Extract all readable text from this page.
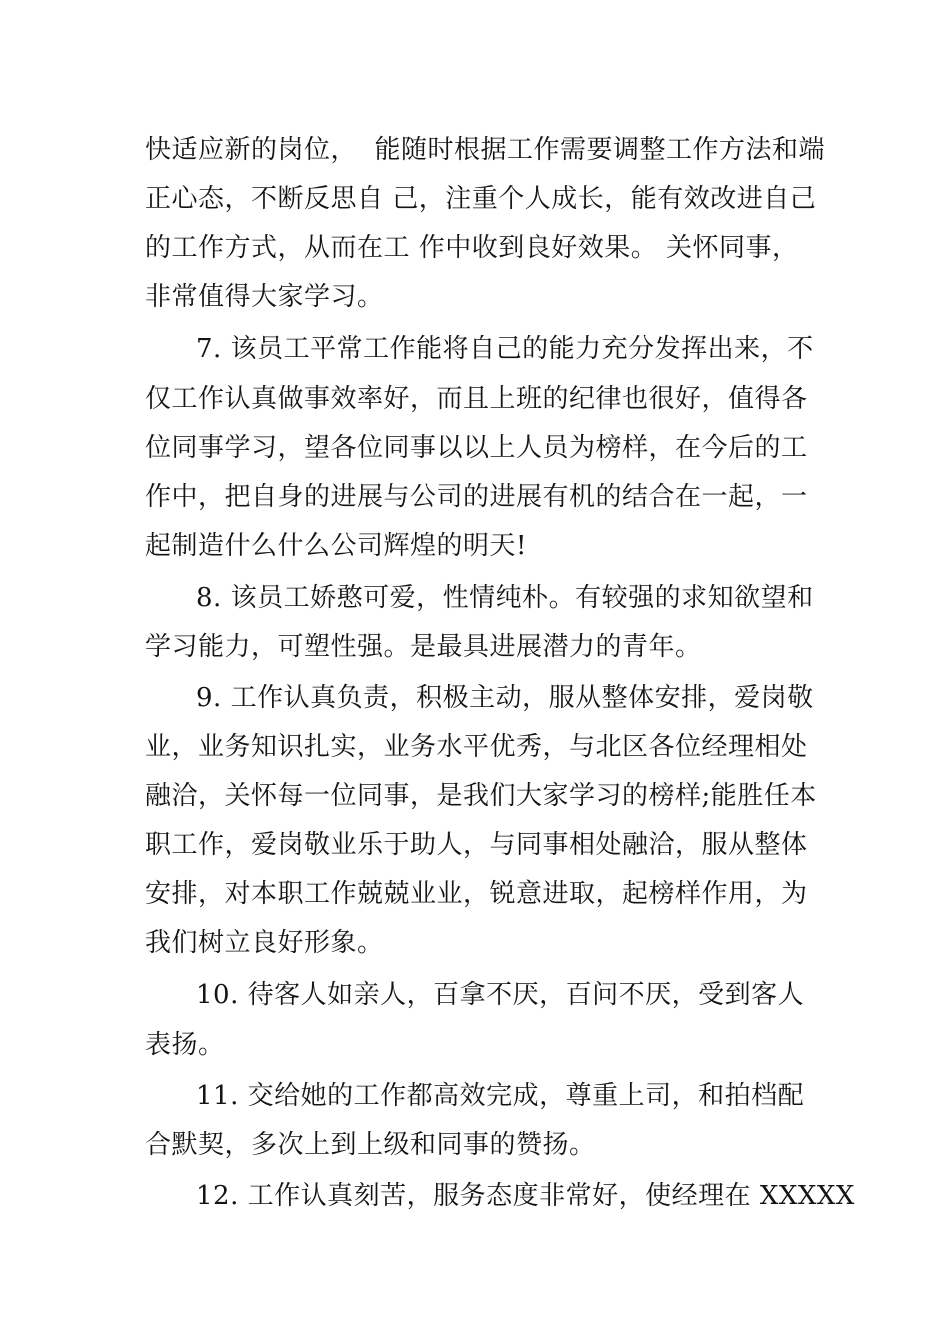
快适应新的岗位，  能随时根据工作需要调整工作方法和端

正心态，不断反思自 己，注重个人成长，能有效改进自己

的工作方式，从而在工 作中收到良好效果。 关怀同事，

非常值得大家学习。

7. 该员工平常工作能将自己的能力充分发挥出来，不

仅工作认真做事效率好，而且上班的纪律也很好，值得各

位同事学习，望各位同事以以上人员为榜样，在今后的工

作中，把自身的进展与公司的进展有机的结合在一起，一

起制造什么什么公司辉煌的明天!

8. 该员工娇憨可爱，性情纯朴。有较强的求知欲望和

学习能力，可塑性强。是最具进展潜力的青年。

9. 工作认真负责，积极主动，服从整体安排，爱岗敬

业，业务知识扎实，业务水平优秀，与北区各位经理相处

融洽，关怀每一位同事，是我们大家学习的榜样;能胜任本

职工作，爱岗敬业乐于助人，与同事相处融洽，服从整体

安排，对本职工作兢兢业业，锐意进取，起榜样作用，为

我们树立良好形象。

10. 待客人如亲人，百拿不厌，百问不厌，受到客人

表扬。

11. 交给她的工作都高效完成，尊重上司，和拍档配

合默契，多次上到上级和同事的赞扬。

12. 工作认真刻苦，服务态度非常好，使经理在 XXXXX
